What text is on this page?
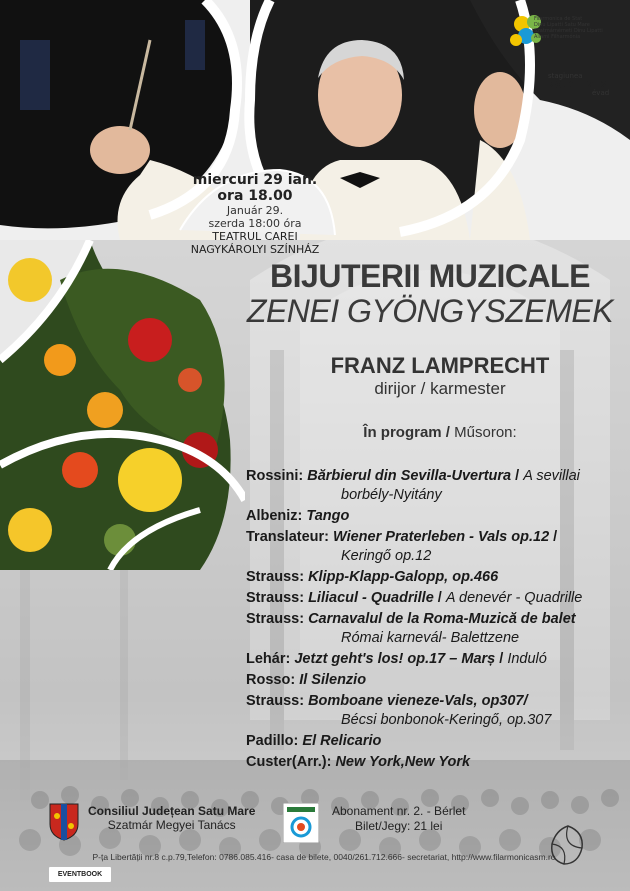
Filarmonica de Stat
Dinu Lipatti Satu Mare
Szatmárnémeti Dinu Lipatti
Állami Filharmónia
stagiunea
2019 | 2020
évad
miercuri 29 ian.
ora 18.00
Január 29.
szerda 18:00 óra
TEATRUL CAREI
NAGYKÁROLYI SZÍNHÁZ
BIJUTERII MUZICALE
ZENEI GYÖNGYSZEMEK
FRANZ LAMPRECHT
dirijor / karmester
În program / Műsoron:
Rossini: Bărbierul din Sevilla-Uvertura / A sevillai
borbély-Nyitány
Albeniz: Tango
Translateur: Wiener Praterleben - Vals op.12 /
Keringő op.12
Strauss: Klipp-Klapp-Galopp, op.466
Strauss: Liliacul - Quadrille / A denevér - Quadrille
Strauss: Carnavalul de la Roma-Muzică de balet
Római karnevál- Balettzene
Lehár: Jetzt geht's los! op.17 – Marș / Induló
Rosso: Il Silenzio
Strauss: Bomboane vieneze-Vals, op307/
Bécsi bonbonok-Keringő, op.307
Padillo: El Relicario
Custer(Arr.): New York,New York
Consiliul Județean Satu Mare
Szatmár Megyei Tanács
Abonament nr. 2. - Bérlet
Bilet/Jegy: 21 lei
P-ța Libertății nr.8 c.p.79,Telefon: 0786.085.416- casa de bilete, 0040/261.712.666- secretariat, http://www.filarmonicasm.ro
EVENTBOOK
